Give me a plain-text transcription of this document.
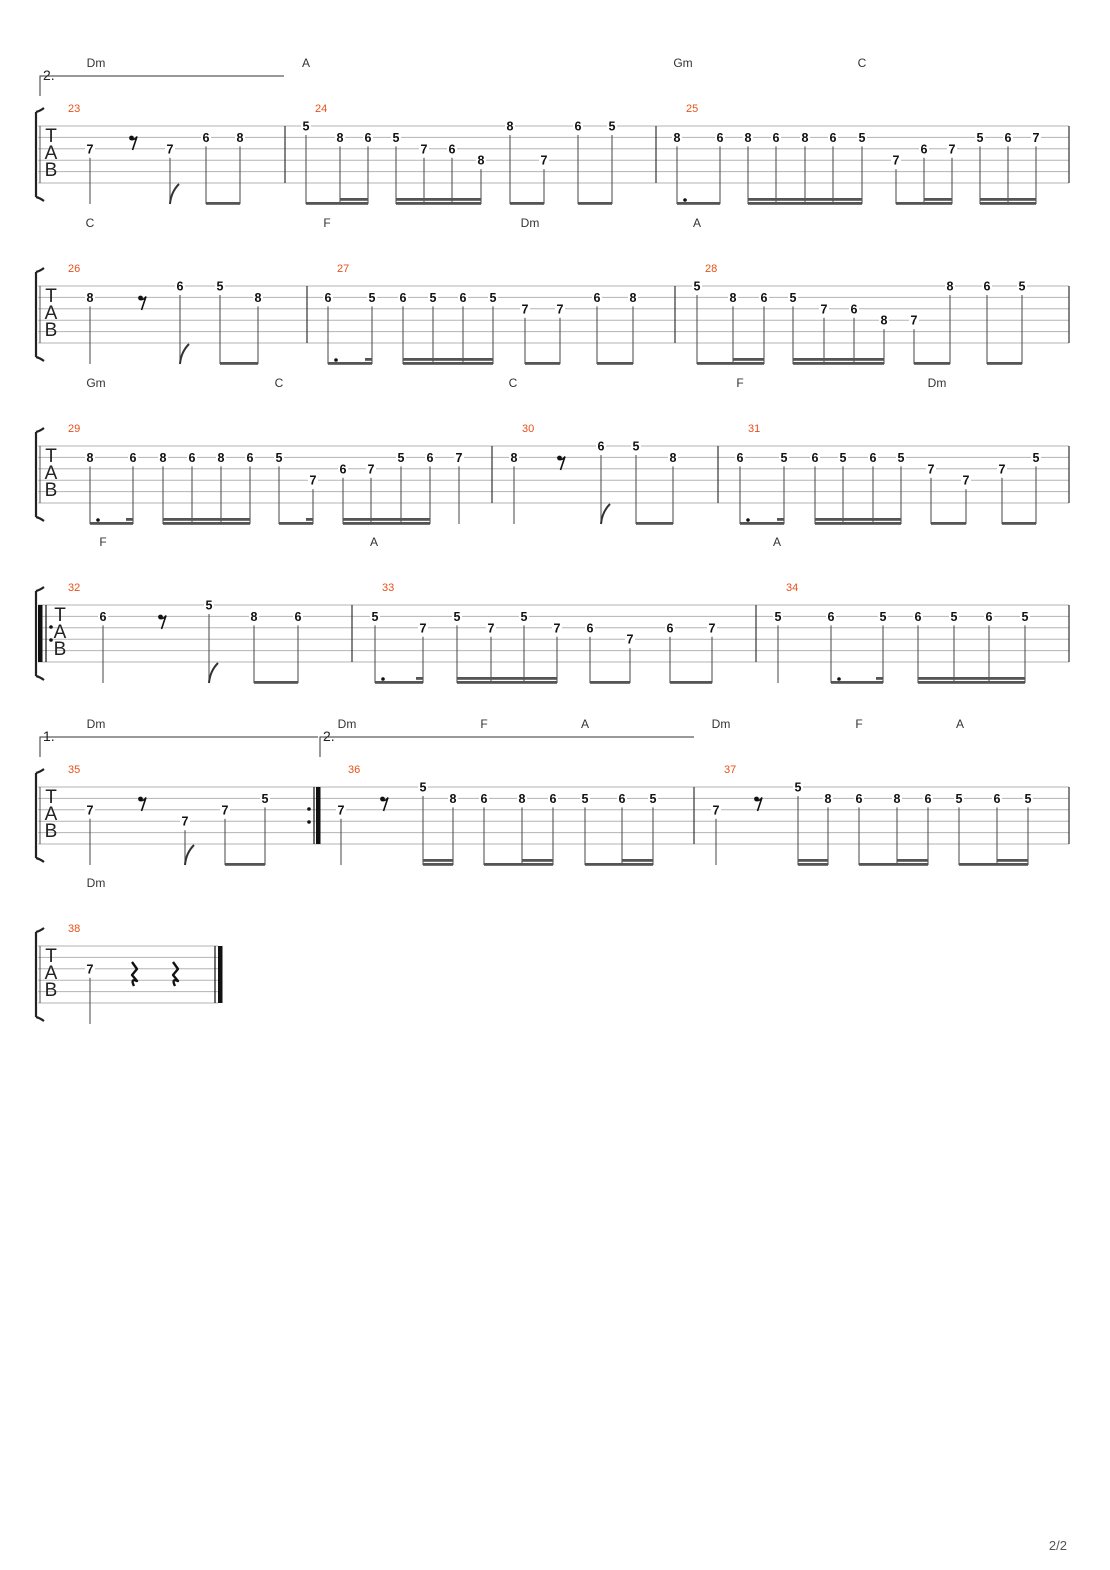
T
A
B
2.
Dm	A	Gm	C
23
7	7
6 8
24
5
8 6 5
7 6
8
8
7
6 5
25
8	6 8 6 8 6 5
7
6 7
5 6 7
T
A
B
C	F	Dm	A
26
8
6	5
8
27
6	5 6 5 6 5
7 7
6 8
28
5
8 6 5
7 6
8 7
8 6 5
T
A
B
Gm	C	C	F	Dm
29
8	6 8 6 8 6 5
7
6 7
5 6 7
30
8
6 5
8
31
6	5 6 5 6 5
7
7
7
5
T
A
B
F	A	A
32
6
5
8	6
33
5
7
5
7
5
7 6
7
6	7
34
5	6	5 6 5 6 5
T
A
B
1.	2.
Dm	Dm	F	A	Dm	F	A
35
7
7
7
5
36
7
5
8 6 8 6 5 6 5
37
7
5
8 6 8 6 5 6 5
T
A
B
Dm
38
7
2/2
